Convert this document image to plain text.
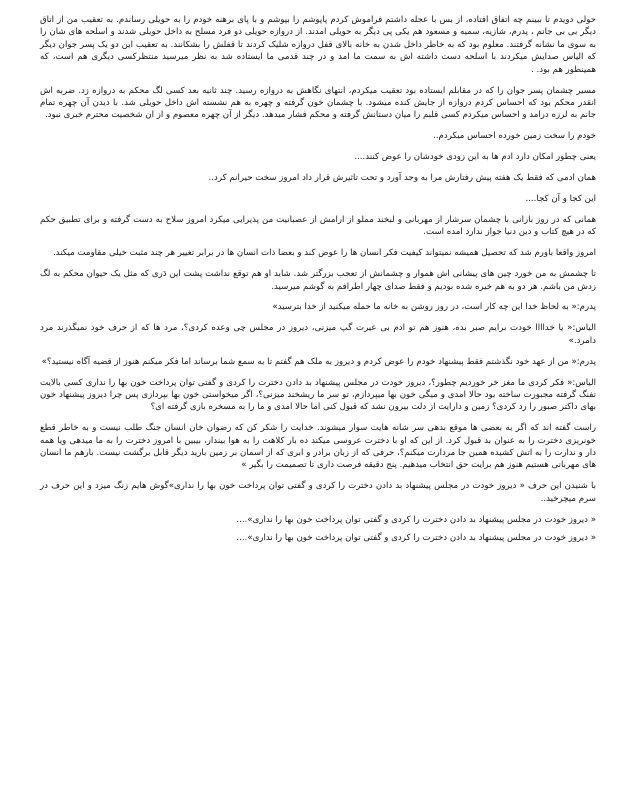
حولی دویدم تا ببینم چه اتفاق افتاده، از بس با عجله داشتم فراموش کردم پاپوشم را بپوشم و با پای برهنه خودم را به حویلی رساندم. به تعقیب من از اتاق دیگر بی بی جانم ، پدرم، شازیه، سمیه و مسعود هم یکی پی دیگر به حویلی امدند. از دروازه حویلی دو فرد مسلح به داخل حویلی شدند و اسلحه های شان را به سوی ما نشانه گرفتند. معلوم بود که به خاطر داخل شدن به خانه بالای قفل دروازه شلیک کردند تا قفلش را بشکانند. به تعقیب این دو یک پسر جوان دیگر که الیاس صدایش میکردند با اسلحه دست داشته اش به سمت ما امد و در چند قدمی ما ایستاده شد به نظر میرسید منتظرکسی دیگری هم است، که همینطور هم بود. .

مسیر چشمان پسر جوان را که در مقابلم ایستاده بود تعقیب میکردم، انتهای نگاهش به دروازه رسید. چند ثانیه بعد کسی لگ محکم به دروازه زد. ضربه اش انقدر محکم بود که احساس کردم دروازه از جایش کنده میشود. با چشمان خون گرفته و چهره به هم نشسته اش داخل حویلی شد. با دیدن آن چهره تمام جانم به لرزه درامد و احساس میکردم کسی قلبم را میان دستانش گرفته و محکم فشار میدهد. دیگر از آن چهره معصوم و از ان شخصیت محترم خبری نبود.

خودم را سخت زمین خورده احساس میکردم..

یعنی چطور امکان دارد ادم ها به این زودی خودشان را عوض کنند....

همان ادمی که فقط یک هفته پیش رفتارش مرا به وجد آورد و تحت تاثیرش قرار داد امروز سخت حیرانم کرد..

این کجا و آن کجا....

همانی که در روز بارانی با چشمان سرشار از مهربانی و لبخند مملو از ارامش از عصبانیت من پذیرایی میکرد امروز سلاح به دست گرفته و برای تطبیق حکم که در هیچ کتاب و دین دنیا جواز ندارد امده است.

امروز واقعا باورم شد که تحصیل همیشه نمیتواند کیفیت فکر انسان ها را عوض کند و بعضا ذات انسان ها در برابر تغییر هر چند مثبت خیلی مقاومت میکند.

تا چشمش به من خورد چین های پیشانی اش هموار و چشمانش از تعجب بزرگتر شد. شاید او هم توقع نداشت پشت این دَری که مثل یک حیوان محکم به لگ زدش من باشم. هر دو به هم خیره شده بودیم و فقط صدای چهار اطرافم به گوشم میرسید.

پدرم:« به لحاظ خدا این چه کار است، در روز روشن به خانه ما حمله میکنید از خدا بترسید»

الیاس:« یا خداااا خودت برایم صبر بده، هنوز هم تو ادم بی عیرت گپ میزنی، دیروز در مجلس چی وعده کردی؟، مرد ها که از حرف خود نمیگذرند مرد دامرد.»

پدرم:« من از عهد خود نگذشتم فقط پیشنهاد خودم را عوض کردم و دیروز به ملک هم گفتم تا به سمع شما برساند اما فکر میکنم هنوز از قضیه آگاه نیستید؟»

الیاس:« فکر کردی ما مغز خر خوردیم چطور؟، دیروز خودت در مجلس پیشنهاد بد دادن دخترت را کردی و گفتی توان پرداخت خون بها را نداری کسی بالایت تفنگ گرفته مجبورت ساخته بود حالا امدی و میگی خون بها میپردازم، تو سر ما ریشخند میزنی؟، اگر میخواستی خون بها بپردازی پس چرا دیروز پیشنهاد خون بهای داکتر صبور را رد کردی؟ زمین و دارایت از دلت بیرون نشد که قبول کنی اما حالا امدی و ما را به مسخره بازی گرفته ای؟

راست گفته اند که اگر به بعضی ها موقع بدهی سر شانه هایت سوار میشوند. خدایت را شکر کن که رضوان خان انسان جنگ طلب نیست و به خاطر قطع خونریزی دخترت را به عنوان بد قبول کرد. از این که او با دخترت عروسی میکند ده بار کلاهت را به هوا بیندار، بیبین با امروز دخترت را به ما میدهی ویا همه دار و ندارت را به اتش کشیده همین جا مردارت میکنم؟، حرفی که از زبان برادر و ابری که از اسمان بر زمین بارید دیگر قابل برگشت نیست. بارهم ما انسان های مهربانی هستیم هنوز هم برایت حق انتخاب میدهیم. پنج دقیقه فرصت داری تا تصمیمت را بگیر »

با شنیدن این حرف « دیروز خودت در مجلس پیشنهاد بد دادن دخترت را کردی و گفتی توان پرداخت خون بها را نداری»گوش هایم زنگ میزد و این حرف در سرم میچرخید..

« دیروز خودت در مجلس پیشنهاد بد دادن دخترت را کردی و گفتی توان پرداخت خون بها را نداری»....

« دیروز خودت در مجلس پیشنهاد بد دادن دخترت را کردی و گفتی توان پرداخت خون بها را نداری»....
